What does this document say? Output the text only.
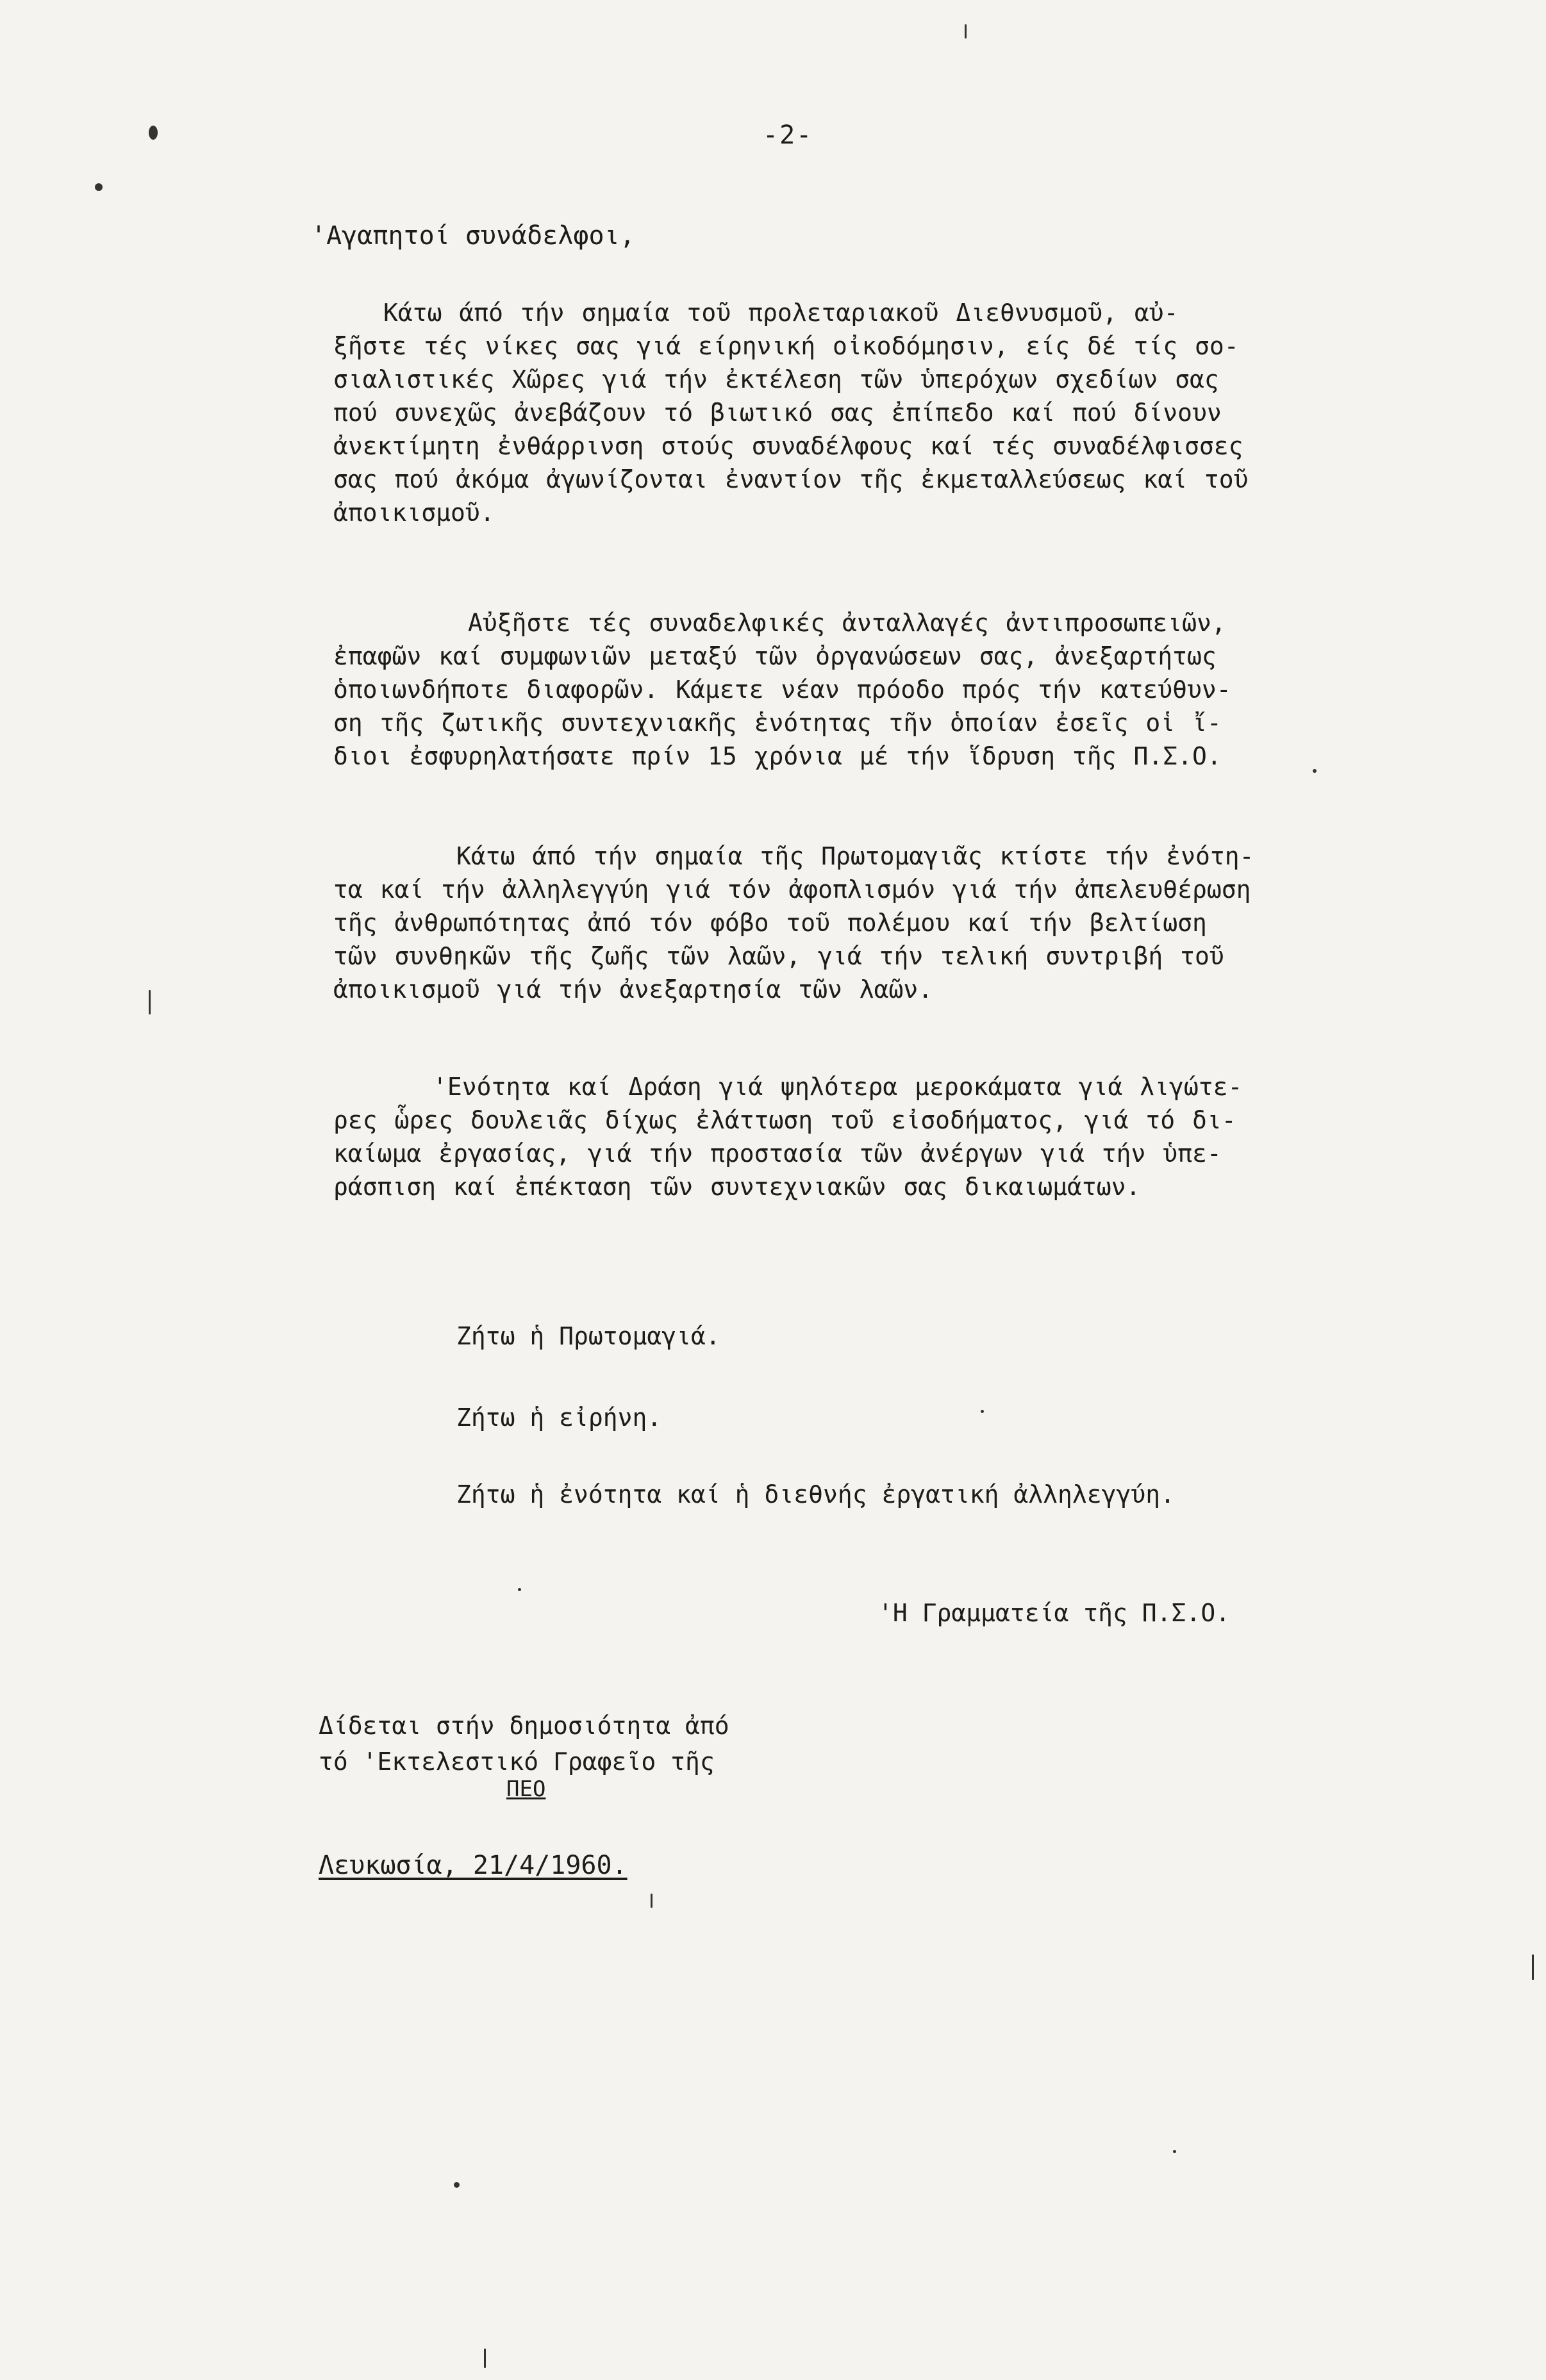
-2-
'Αγαπητοί συνάδελφοι,
Κάτω άπό τήν σημαία τοῦ προλεταριακοῦ Διεθνυσμοῦ, αὐ-
ξῆστε τές νίκες σας γιά είρηνική οἰκοδόμησιν, είς δέ τίς σο-
σιαλιστικές Χῶρες γιά τήν ἐκτέλεση τῶν ὑπερόχων σχεδίων σας
πού συνεχῶς ἀνεβάζουν τό βιωτικό σας ἐπίπεδο καί πού δίνουν
ἀνεκτίμητη ἐνθάρρινση στούς συναδέλφους καί τές συναδέλφισσες
σας πού ἀκόμα ἀγωνίζονται ἐναντίον τῆς ἐκμεταλλεύσεως καί τοῦ
ἀποικισμοῦ.
Αὐξῆστε τές συναδελφικές ἀνταλλαγές ἀντιπροσωπειῶν,
ἐπαφῶν καί συμφωνιῶν μεταξύ τῶν ὀργανώσεων σας, ἀνεξαρτήτως
ὁποιωνδήποτε διαφορῶν. Κάμετε νέαν πρόοδο πρός τήν κατεύθυν-
ση τῆς ζωτικῆς συντεχνιακῆς ἑνότητας τῆν ὁποίαν ἐσεῖς οἱ ἴ-
διοι ἐσφυρηλατήσατε πρίν 15 χρόνια μέ τήν ἵδρυση τῆς Π.Σ.Ο.
Κάτω άπό τήν σημαία τῆς Πρωτομαγιᾶς κτίστε τήν ἐνότη-
τα καί τήν ἀλληλεγγύη γιά τόν ἀφοπλισμόν γιά τήν ἀπελευθέρωση
τῆς ἀνθρωπότητας ἀπό τόν φόβο τοῦ πολέμου καί τήν βελτίωση
τῶν συνθηκῶν τῆς ζωῆς τῶν λαῶν, γιά τήν τελική συντριβή τοῦ
ἀποικισμοῦ γιά τήν ἀνεξαρτησία τῶν λαῶν.
'Ενότητα καί Δράση γιά ψηλότερα μεροκάματα γιά λιγώτε-
ρες ὧρες δουλειᾶς δίχως ἐλάττωση τοῦ εἰσοδήματος, γιά τό δι-
καίωμα ἐργασίας, γιά τήν προστασία τῶν ἀνέργων γιά τήν ὑπε-
ράσπιση καί ἐπέκταση τῶν συντεχνιακῶν σας δικαιωμάτων.
Ζήτω ἡ Πρωτομαγιά.
Ζήτω ἡ εἰρήνη.
Ζήτω ἡ ἐνότητα καί ἡ διεθνής ἐργατική ἀλληλεγγύη.
'Η Γραμματεία τῆς Π.Σ.Ο.
Δίδεται στήν δημοσιότητα ἀπό
τό 'Εκτελεστικό Γραφεῖο τῆς
ΠΕΟ
Λευκωσία, 21/4/1960.
